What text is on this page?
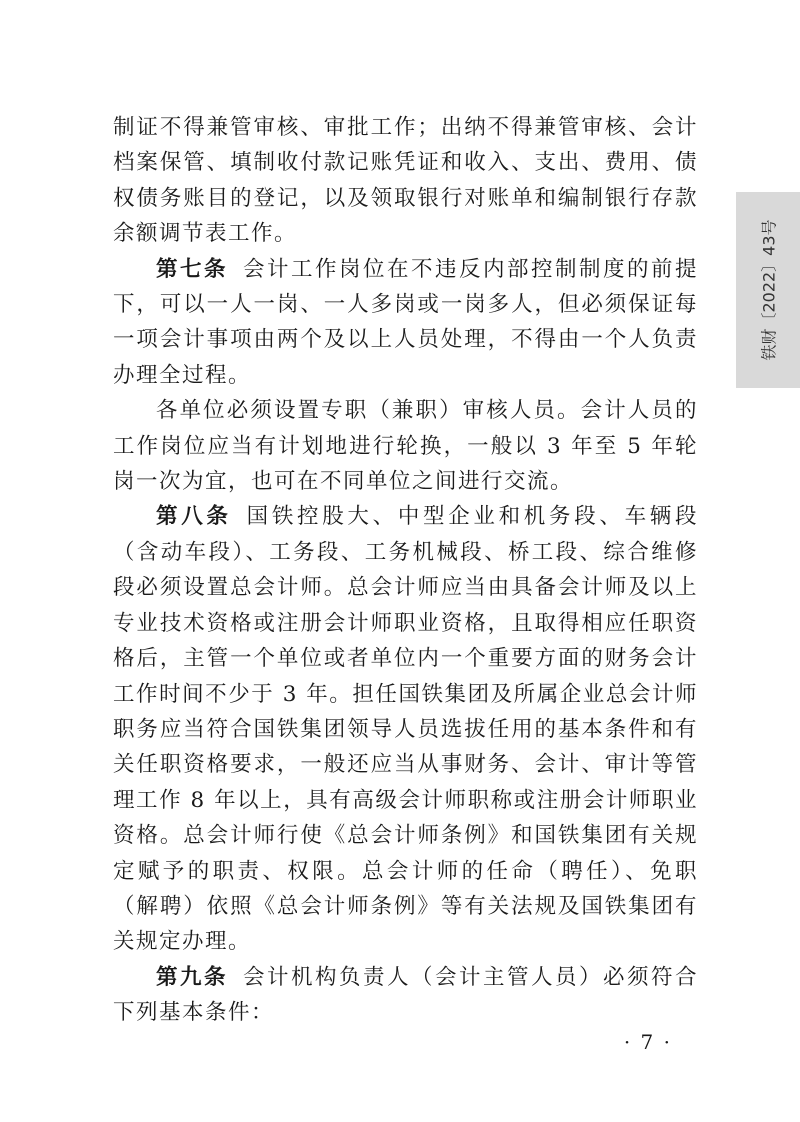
铁财〔2022〕43号

制证不得兼管审核、审批工作；出纳不得兼管审核、会计档案保管、填制收付款记账凭证和收入、支出、费用、债权债务账目的登记，以及领取银行对账单和编制银行存款余额调节表工作。

第七条 会计工作岗位在不违反内部控制制度的前提下，可以一人一岗、一人多岗或一岗多人，但必须保证每一项会计事项由两个及以上人员处理，不得由一个人负责办理全过程。

各单位必须设置专职（兼职）审核人员。会计人员的工作岗位应当有计划地进行轮换，一般以 3 年至 5 年轮岗一次为宜，也可在不同单位之间进行交流。

第八条 国铁控股大、中型企业和机务段、车辆段（含动车段）、工务段、工务机械段、桥工段、综合维修段必须设置总会计师。总会计师应当由具备会计师及以上专业技术资格或注册会计师职业资格，且取得相应任职资格后，主管一个单位或者单位内一个重要方面的财务会计工作时间不少于 3 年。担任国铁集团及所属企业总会计师职务应当符合国铁集团领导人员选拔任用的基本条件和有关任职资格要求，一般还应当从事财务、会计、审计等管理工作 8 年以上，具有高级会计师职称或注册会计师职业资格。总会计师行使《总会计师条例》和国铁集团有关规定赋予的职责、权限。总会计师的任命（聘任）、免职（解聘）依照《总会计师条例》等有关法规及国铁集团有关规定办理。

第九条 会计机构负责人（会计主管人员）必须符合下列基本条件：

· 7 ·
